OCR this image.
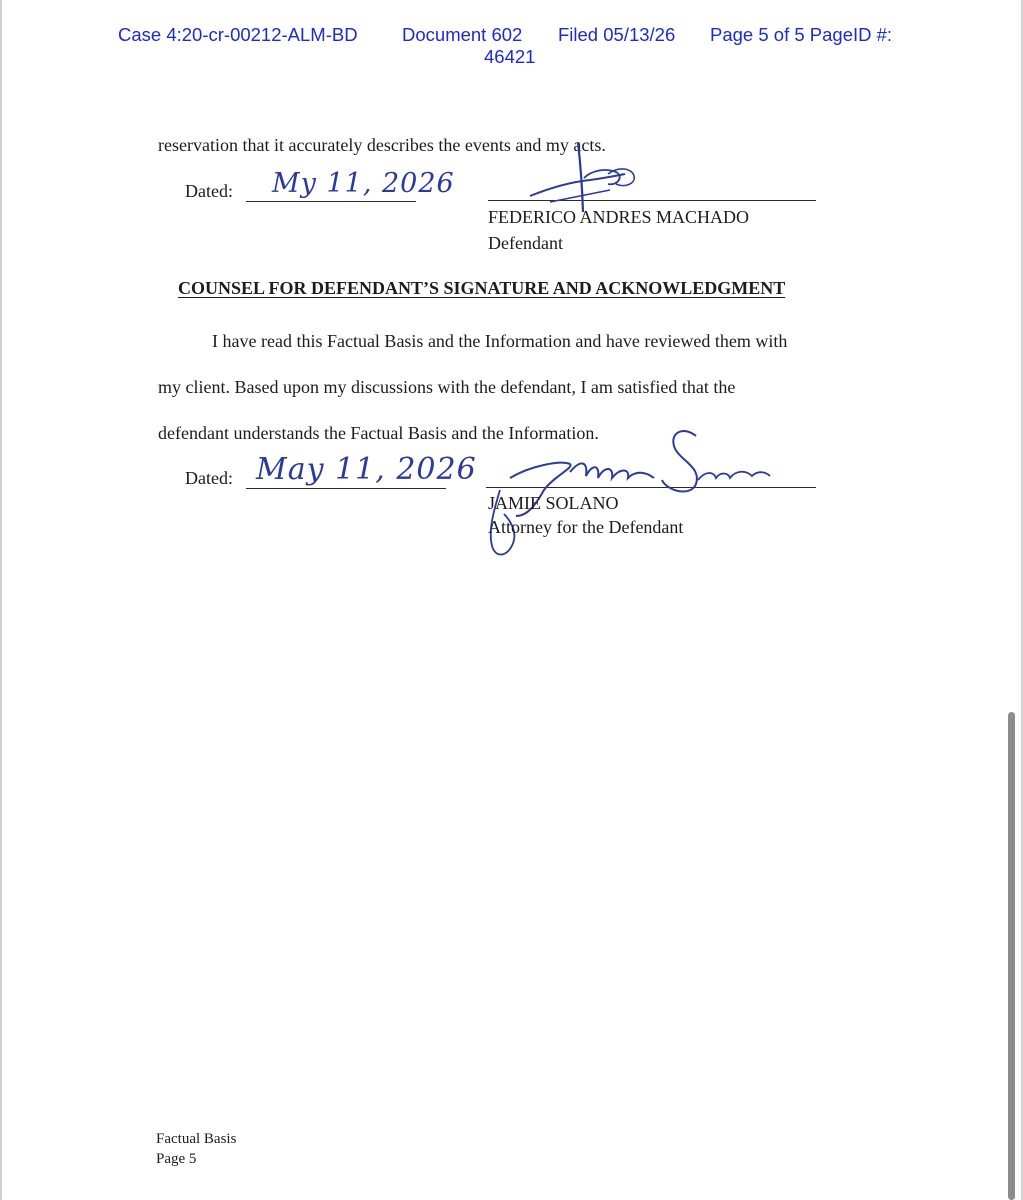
Case 4:20-cr-00212-ALM-BD Document 602 Filed 05/13/26 Page 5 of 5 PageID #:
46421
reservation that it accurately describes the events and my acts.
Dated: My 11, 2026
FEDERICO ANDRES MACHADO
Defendant
COUNSEL FOR DEFENDANT’S SIGNATURE AND ACKNOWLEDGMENT
I have read this Factual Basis and the Information and have reviewed them with
my client. Based upon my discussions with the defendant, I am satisfied that the
defendant understands the Factual Basis and the Information.
Dated: May 11, 2026
JAMIE SOLANO
Attorney for the Defendant
Factual Basis
Page 5
